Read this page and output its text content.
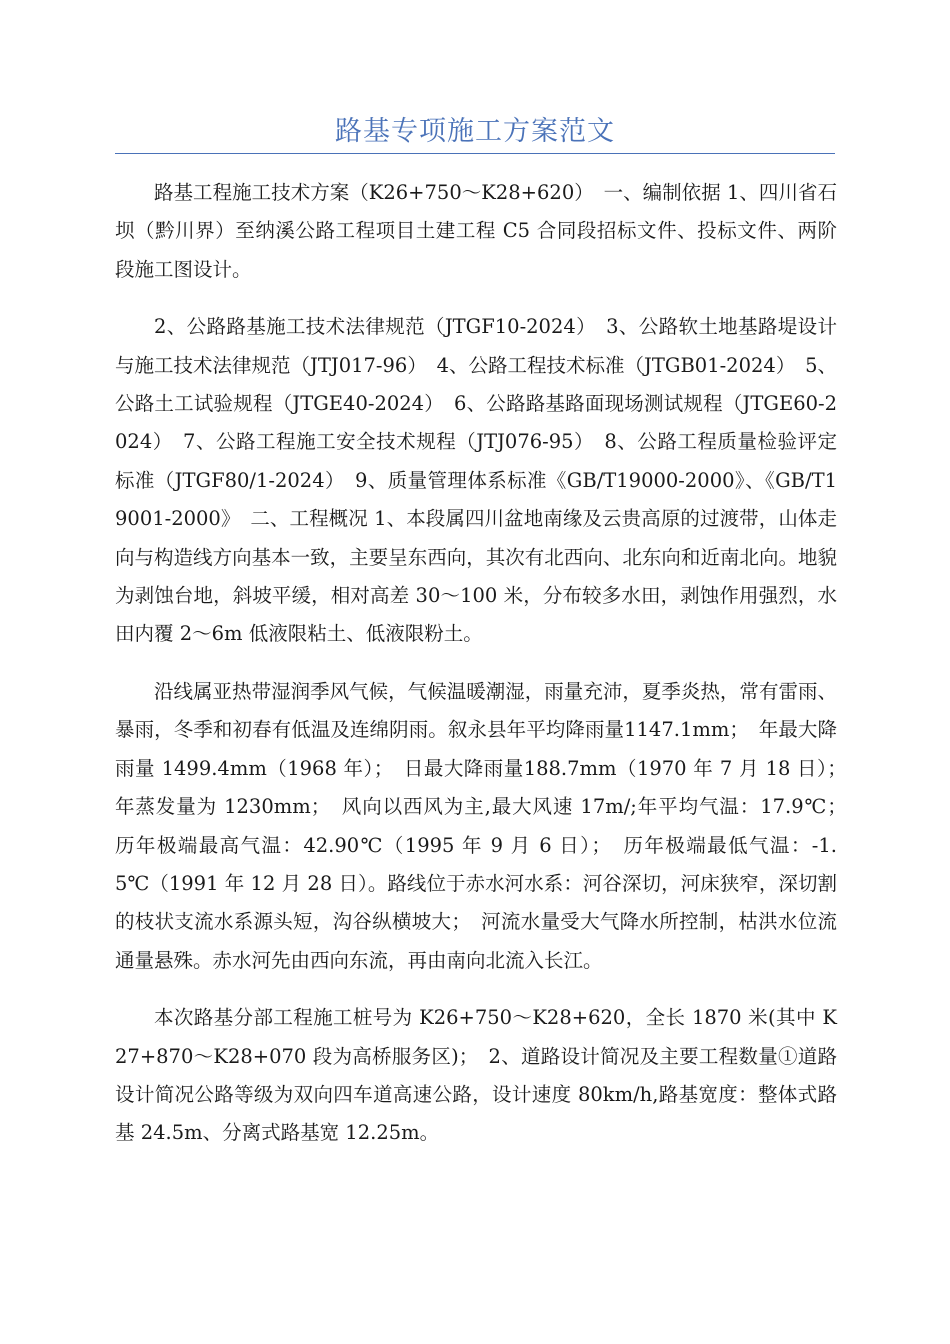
路基专项施工方案范文

路基工程施工技术方案（K26+750～K28+620）　一、编制依据 1、四川省石坝（黔川界）至纳溪公路工程项目土建工程 C5 合同段招标文件、投标文件、两阶段施工图设计。

2、公路路基施工技术法律规范（JTGF10-2024）　3、公路软土地基路堤设计与施工技术法律规范（JTJ017-96）　4、公路工程技术标准（JTGB01-2024）　5、公路土工试验规程（JTGE40-2024）　6、公路路基路面现场测试规程（JTGE60-2024）　7、公路工程施工安全技术规程（JTJ076-95）　8、公路工程质量检验评定标准（JTGF80/1-2024）　9、质量管理体系标准《GB/T19000-2000》、《GB/T19001-2000》　二、工程概况 1、本段属四川盆地南缘及云贵高原的过渡带，山体走向与构造线方向基本一致，主要呈东西向，其次有北西向、北东向和近南北向。地貌为剥蚀台地，斜坡平缓，相对高差 30～100 米，分布较多水田，剥蚀作用强烈，水田内覆 2～6m 低液限粘土、低液限粉土。

沿线属亚热带湿润季风气候，气候温暖潮湿，雨量充沛，夏季炎热，常有雷雨、暴雨，冬季和初春有低温及连绵阴雨。叙永县年平均降雨量1147.1mm；　年最大降雨量 1499.4mm（1968 年）；　日最大降雨量188.7mm（1970 年 7 月 18 日）；　年蒸发量为 1230mm；　风向以西风为主,最大风速 17m/;年平均气温：17.9℃；　历年极端最高气温：42.90℃（1995 年 9 月 6 日）；　历年极端最低气温：-1.5℃（1991 年 12 月 28 日）。路线位于赤水河水系：河谷深切，河床狭窄，深切割的枝状支流水系源头短，沟谷纵横坡大；　河流水量受大气降水所控制，枯洪水位流通量悬殊。赤水河先由西向东流，再由南向北流入长江。

本次路基分部工程施工桩号为 K26+750～K28+620，全长 1870 米(其中 K27+870～K28+070 段为高桥服务区)；　2、道路设计简况及主要工程数量①道路设计简况公路等级为双向四车道高速公路，设计速度 80km/h,路基宽度：整体式路基 24.5m、分离式路基宽 12.25m。
